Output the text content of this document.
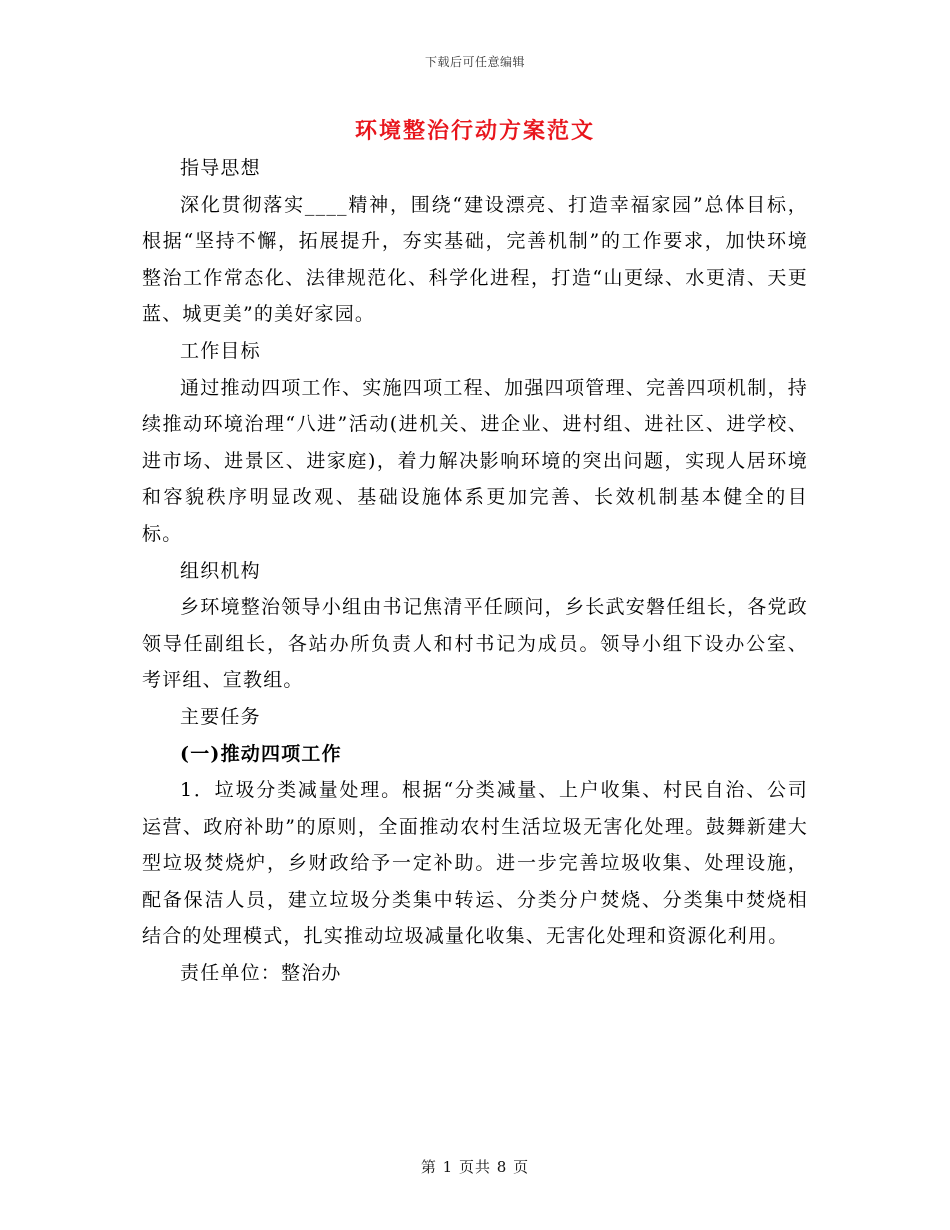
下载后可任意编辑
环境整治行动方案范文

指导思想

深化贯彻落实____精神，围绕“建设漂亮、打造幸福家园”总体目标，根据“坚持不懈，拓展提升，夯实基础，完善机制”的工作要求，加快环境整治工作常态化、法律规范化、科学化进程，打造“山更绿、水更清、天更蓝、城更美”的美好家园。

工作目标

通过推动四项工作、实施四项工程、加强四项管理、完善四项机制，持续推动环境治理“八进”活动(进机关、进企业、进村组、进社区、进学校、进市场、进景区、进家庭)，着力解决影响环境的突出问题，实现人居环境和容貌秩序明显改观、基础设施体系更加完善、长效机制基本健全的目标。

组织机构

乡环境整治领导小组由书记焦清平任顾问，乡长武安磐任组长，各党政领导任副组长，各站办所负责人和村书记为成员。领导小组下设办公室、考评组、宣教组。

主要任务

(一)推动四项工作

1．垃圾分类减量处理。根据“分类减量、上户收集、村民自治、公司运营、政府补助”的原则，全面推动农村生活垃圾无害化处理。鼓舞新建大型垃圾焚烧炉，乡财政给予一定补助。进一步完善垃圾收集、处理设施，配备保洁人员，建立垃圾分类集中转运、分类分户焚烧、分类集中焚烧相结合的处理模式，扎实推动垃圾减量化收集、无害化处理和资源化利用。

责任单位：整治办

第 1 页共 8 页
